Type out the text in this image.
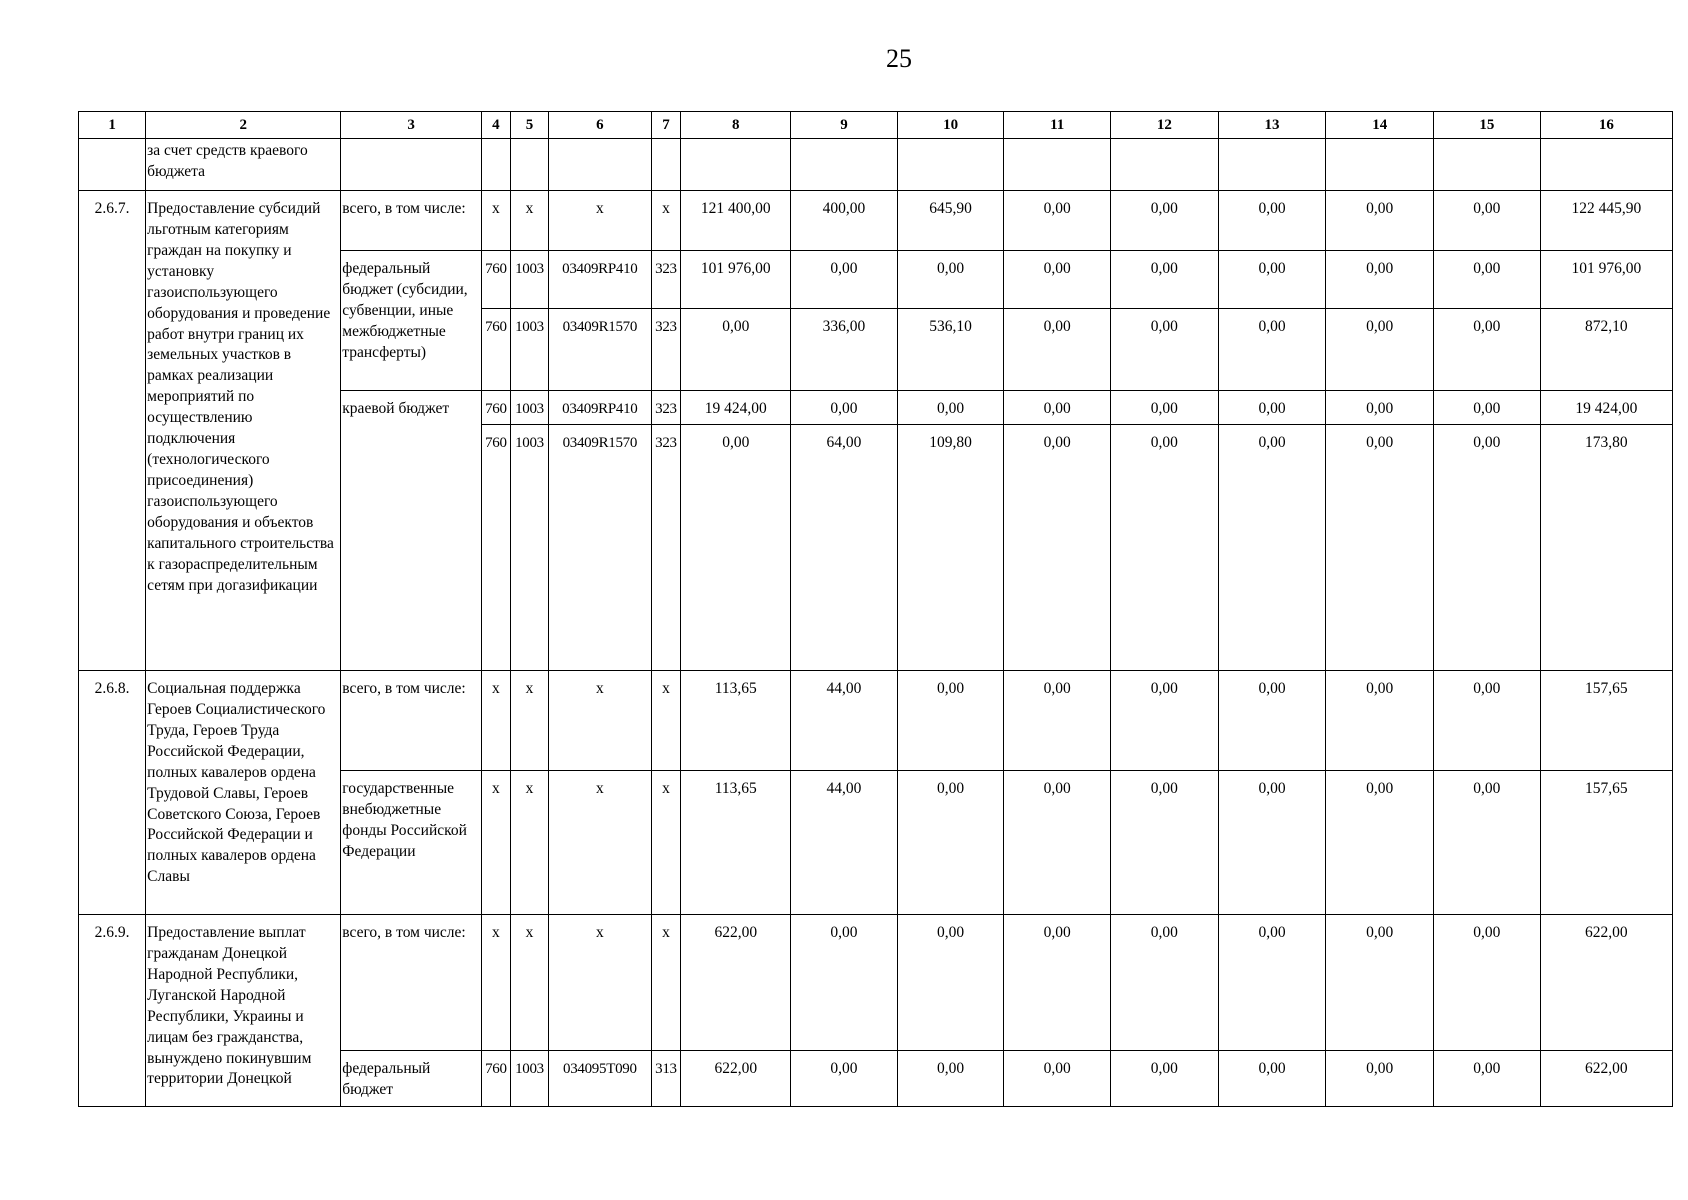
25
1	2	3	4	5	6	7	8	9	10	11	12	13	14	15	16
	за счет средств краевого бюджета														
2.6.7.	Предоставление субсидий льготным категориям граждан на покупку и установку газоиспользующего оборудования и проведение работ внутри границ их земельных участков в рамках реализации мероприятий по осуществлению подключения (технологического присоединения) газоиспользующего оборудования и объектов капитального строительства к газораспределительным сетям при догазификации	всего, в том числе:	x	x	x	x	121 400,00	400,00	645,90	0,00	0,00	0,00	0,00	0,00	122 445,90
		федеральный бюджет (субсидии, субвенции, иные межбюджетные трансферты)	760	1003	03409RP410	323	101 976,00	0,00	0,00	0,00	0,00	0,00	0,00	0,00	101 976,00
			760	1003	03409R1570	323	0,00	336,00	536,10	0,00	0,00	0,00	0,00	0,00	872,10
		краевой бюджет	760	1003	03409RP410	323	19 424,00	0,00	0,00	0,00	0,00	0,00	0,00	0,00	19 424,00
			760	1003	03409R1570	323	0,00	64,00	109,80	0,00	0,00	0,00	0,00	0,00	173,80
2.6.8.	Социальная поддержка Героев Социалистического Труда, Героев Труда Российской Федерации, полных кавалеров ордена Трудовой Славы, Героев Советского Союза, Героев Российской Федерации и полных кавалеров ордена Славы	всего, в том числе:	x	x	x	x	113,65	44,00	0,00	0,00	0,00	0,00	0,00	0,00	157,65
		государственные внебюджетные фонды Российской Федерации	x	x	x	x	113,65	44,00	0,00	0,00	0,00	0,00	0,00	0,00	157,65
2.6.9.	Предоставление выплат гражданам Донецкой Народной Республики, Луганской Народной Республики, Украины и лицам без гражданства, вынуждено покинувшим территории Донецкой	всего, в том числе:	x	x	x	x	622,00	0,00	0,00	0,00	0,00	0,00	0,00	0,00	622,00
		федеральный бюджет	760	1003	034095T090	313	622,00	0,00	0,00	0,00	0,00	0,00	0,00	0,00	622,00
